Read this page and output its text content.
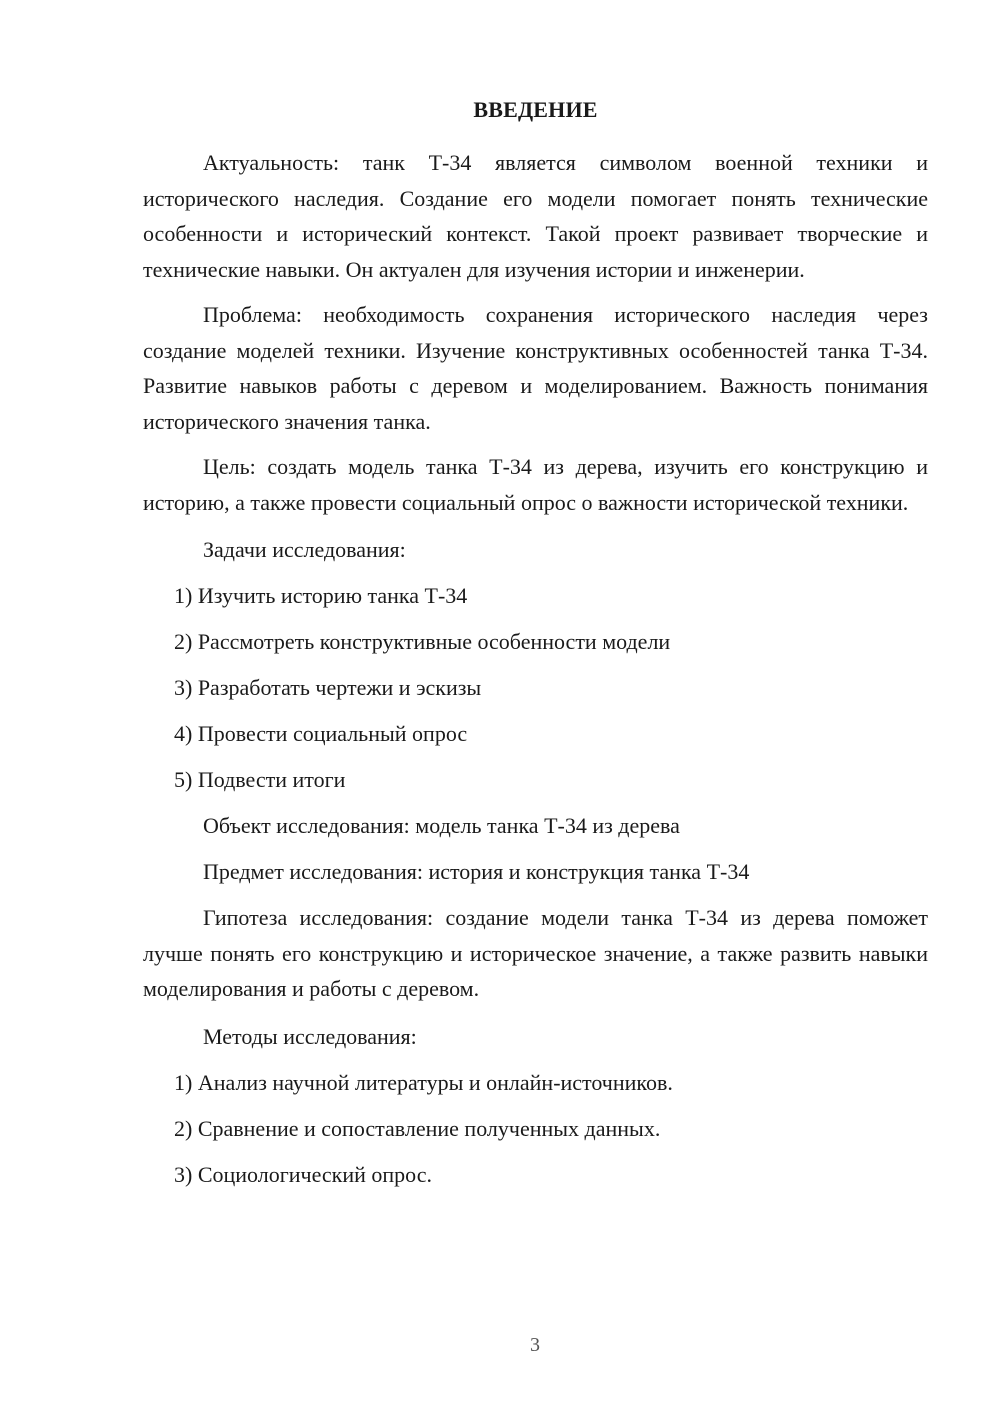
ВВЕДЕНИЕ

Актуальность: танк Т-34 является символом военной техники и исторического наследия. Создание его модели помогает понять технические особенности и исторический контекст. Такой проект развивает творческие и технические навыки. Он актуален для изучения истории и инженерии.

Проблема: необходимость сохранения исторического наследия через создание моделей техники. Изучение конструктивных особенностей танка Т-34. Развитие навыков работы с деревом и моделированием. Важность понимания исторического значения танка.

Цель: создать модель танка Т-34 из дерева, изучить его конструкцию и историю, а также провести социальный опрос о важности исторической техники.

Задачи исследования:

1) Изучить историю танка Т-34

2) Рассмотреть конструктивные особенности модели

3) Разработать чертежи и эскизы

4) Провести социальный опрос

5) Подвести итоги

Объект исследования: модель танка Т-34 из дерева

Предмет исследования: история и конструкция танка Т-34

Гипотеза исследования: создание модели танка Т-34 из дерева поможет лучше понять его конструкцию и историческое значение, а также развить навыки моделирования и работы с деревом.

Методы исследования:

1) Анализ научной литературы и онлайн-источников.

2) Сравнение и сопоставление полученных данных.

3) Социологический опрос.

3
